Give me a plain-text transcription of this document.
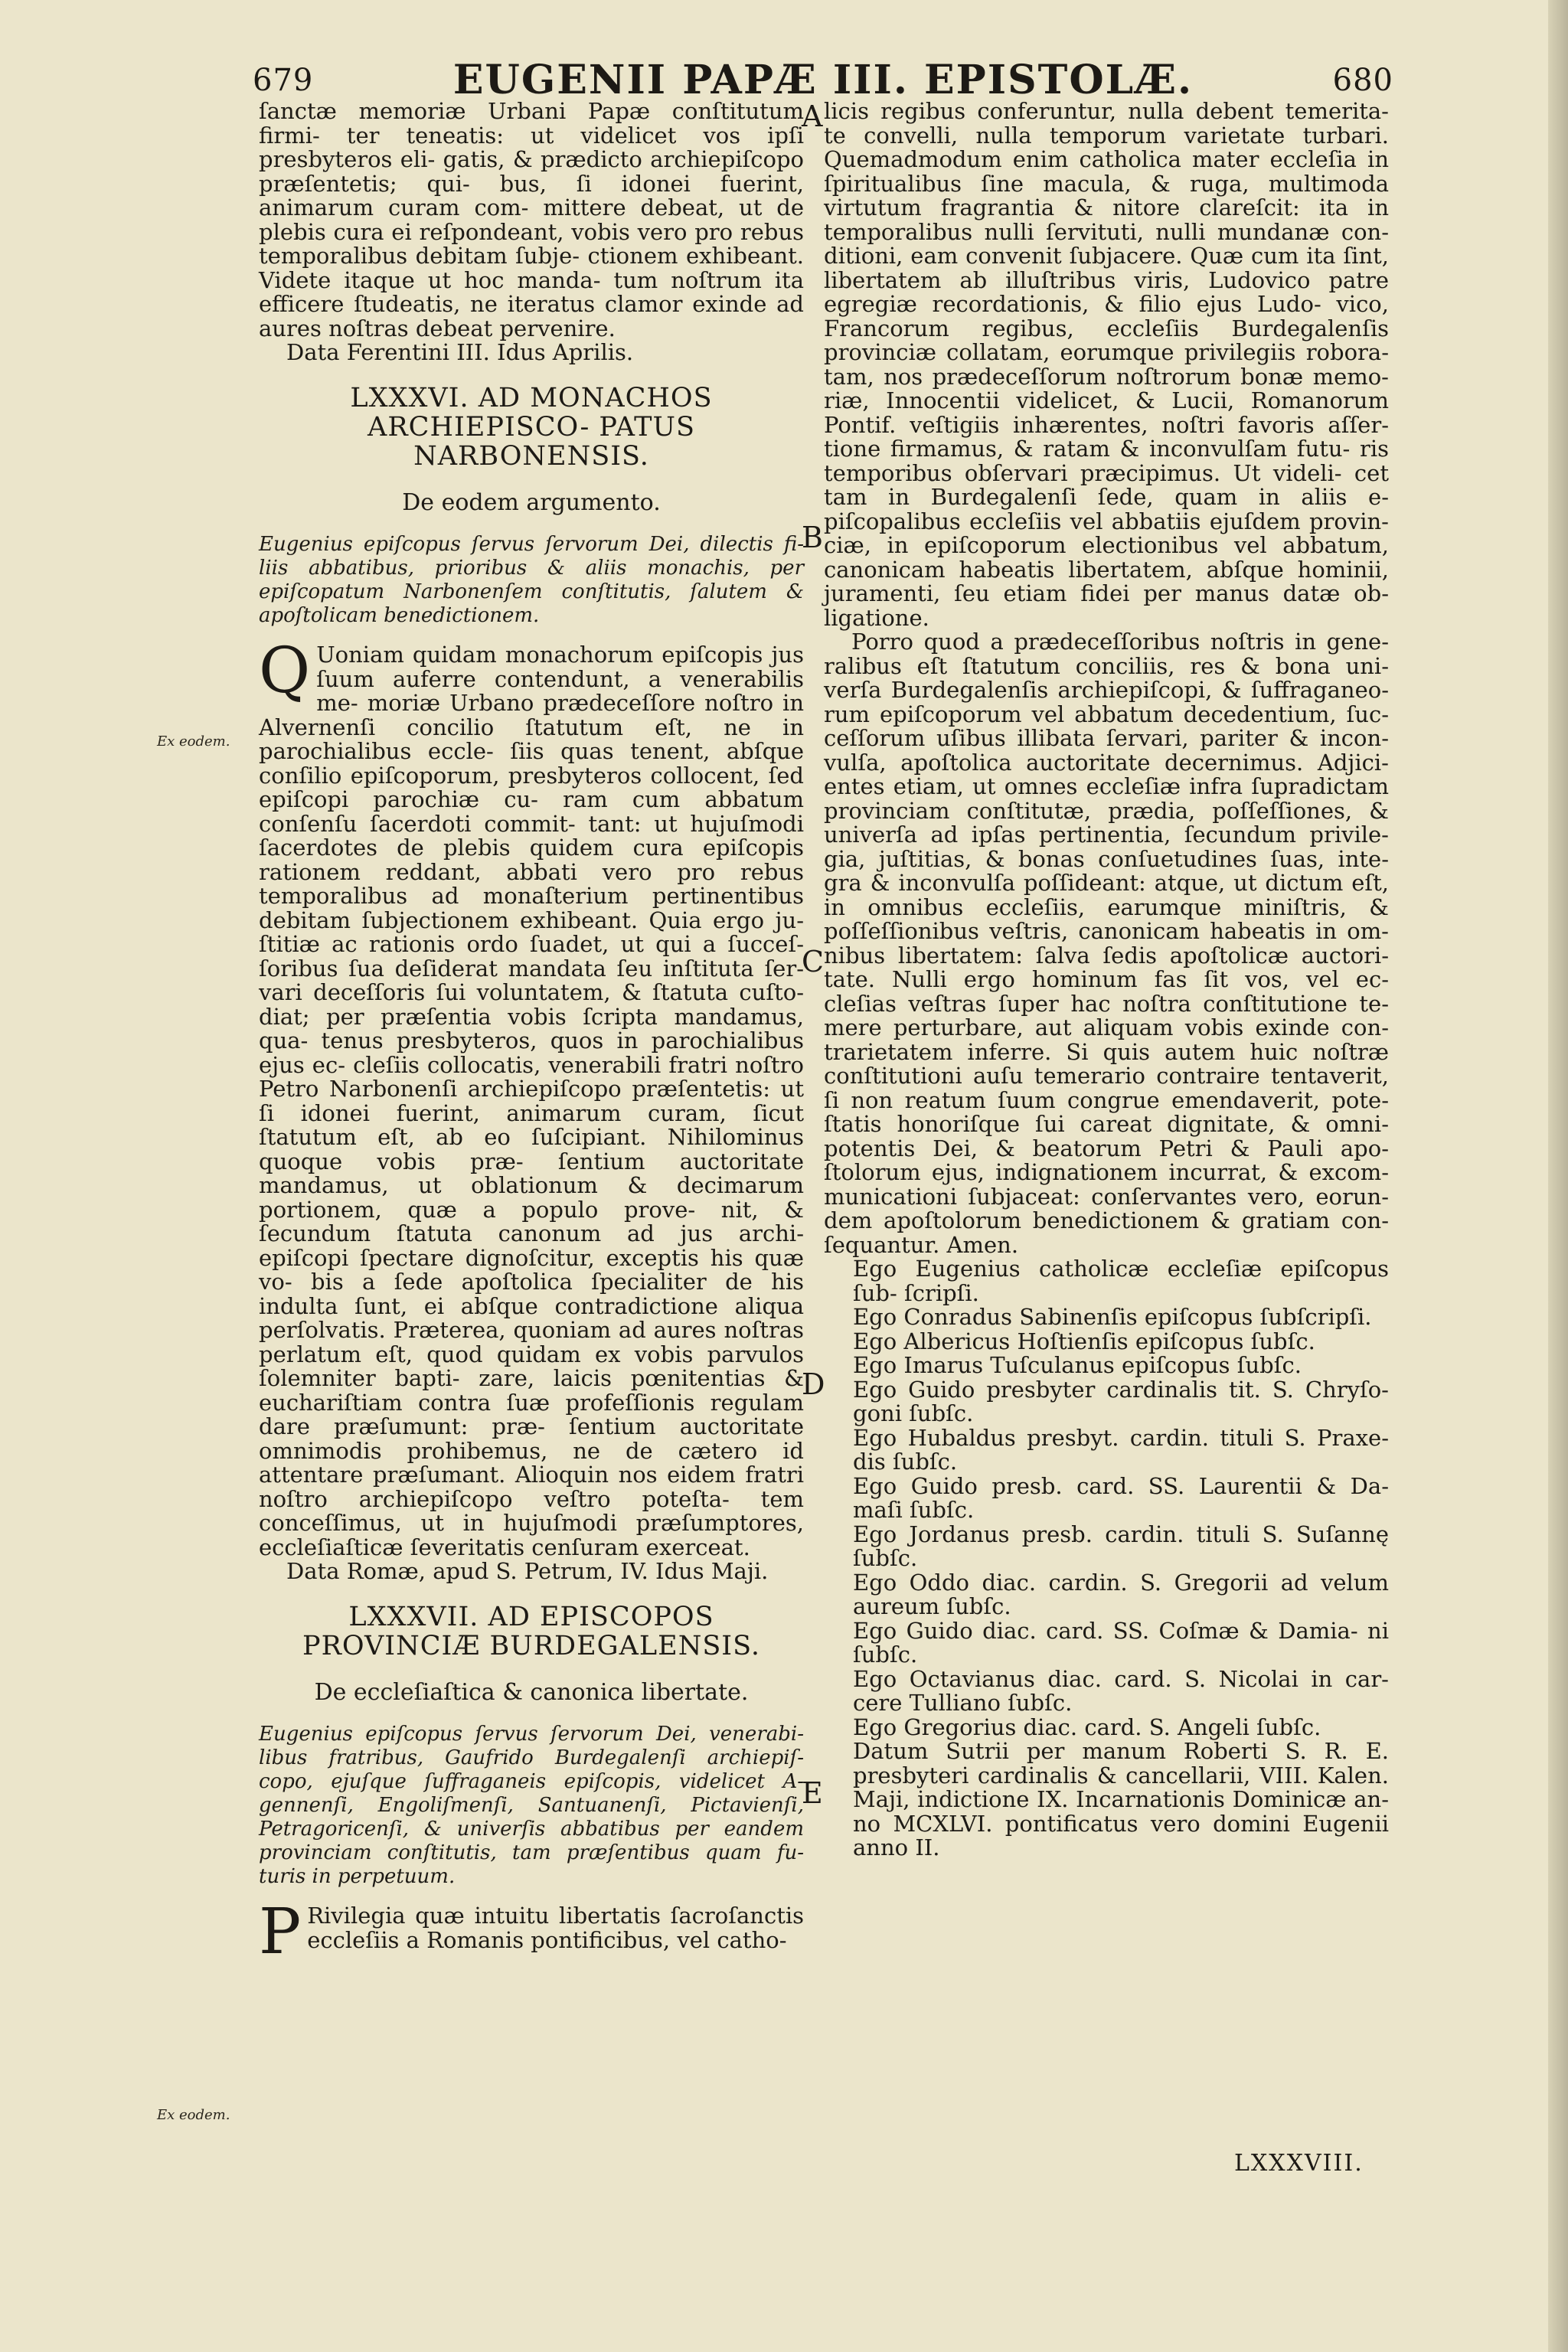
679	EUGENII PAPÆ III. EPISTOLÆ.	680
Ex eodem.
Ex eodem.
A
B
C
D
E

ſanctæ memoriæ Urbani Papæ conſtitutum firmi- ter teneatis: ut videlicet vos ipſi presbyteros eli- gatis, & prædicto archiepiſcopo præſentetis; qui- bus, ſi idonei fuerint, animarum curam com- mittere debeat, ut de plebis cura ei reſpondeant, vobis vero pro rebus temporalibus debitam ſubje- ctionem exhibeant. Videte itaque ut hoc manda- tum noſtrum ita efficere ſtudeatis, ne iteratus clamor exinde ad aures noſtras debeat pervenire.

Data Ferentini III. Idus Aprilis.

LXXXVI. AD MONACHOS ARCHIEPISCO- PATUS NARBONENSIS.
De eodem argumento.
Eugenius epiſcopus ſervus ſervorum Dei, dilectis fi- liis abbatibus, prioribus & aliis monachis, per epiſcopatum Narbonenſem conſtitutis, ſalutem & apoſtolicam benedictionem.

Q Uoniam quidam monachorum epiſcopis jus ſuum auferre contendunt, a venerabilis me- moriæ Urbano prædeceſſore noſtro in Alvernenſi concilio ſtatutum eſt, ne in parochialibus eccle- ſiis quas tenent, abſque conſilio epiſcoporum, presbyteros collocent, ſed epiſcopi parochiæ cu- ram cum abbatum conſenſu ſacerdoti commit- tant: ut hujuſmodi ſacerdotes de plebis quidem cura epiſcopis rationem reddant, abbati vero pro rebus temporalibus ad monaſterium pertinentibus debitam ſubjectionem exhibeant. Quia ergo ju- ſtitiæ ac rationis ordo ſuadet, ut qui a ſucceſ- ſoribus ſua deſiderat mandata ſeu inſtituta ſer- vari deceſſoris ſui voluntatem, & ſtatuta cuſto- diat; per præſentia vobis ſcripta mandamus, qua- tenus presbyteros, quos in parochialibus ejus ec- cleſiis collocatis, venerabili fratri noſtro Petro Narbonenſi archiepiſcopo præſentetis: ut ſi idonei fuerint, animarum curam, ſicut ſtatutum eſt, ab eo ſuſcipiant. Nihilominus quoque vobis præ- ſentium auctoritate mandamus, ut oblationum & decimarum portionem, quæ a populo prove- nit, & ſecundum ſtatuta canonum ad jus archi- epiſcopi ſpectare dignoſcitur, exceptis his quæ vo- bis a ſede apoſtolica ſpecialiter de his indulta ſunt, ei abſque contradictione aliqua perſolvatis. Præterea, quoniam ad aures noſtras perlatum eſt, quod quidam ex vobis parvulos ſolemniter bapti- zare, laicis pœnitentias & euchariſtiam contra ſuæ profeſſionis regulam dare præſumunt: præ- ſentium auctoritate omnimodis prohibemus, ne de cætero id attentare præſumant. Alioquin nos eidem fratri noſtro archiepiſcopo veſtro poteſta- tem conceſſimus, ut in hujuſmodi præſumptores, eccleſiaſticæ ſeveritatis cenſuram exerceat.

Data Romæ, apud S. Petrum, IV. Idus Maji.

LXXXVII. AD EPISCOPOS PROVINCIÆ BURDEGALENSIS.
De eccleſiaſtica & canonica libertate.
Eugenius epiſcopus ſervus ſervorum Dei, venerabi- libus fratribus, Gaufrido Burdegalenſi archiepiſ- copo, ejuſque ſuffraganeis epiſcopis, videlicet A- gennenſi, Engoliſmenſi, Santuanenſi, Pictavienſi, Petragoricenſi, & univerſis abbatibus per eandem provinciam conſtitutis, tam præſentibus quam fu- turis in perpetuum.

P Rivilegia quæ intuitu libertatis ſacroſanctis eccleſiis a Romanis pontificibus, vel catho-

licis regibus conferuntur, nulla debent temerita- te convelli, nulla temporum varietate turbari. Quemadmodum enim catholica mater eccleſia in ſpiritualibus ſine macula, & ruga, multimoda virtutum fragrantia & nitore clareſcit: ita in temporalibus nulli ſervituti, nulli mundanæ con- ditioni, eam convenit ſubjacere. Quæ cum ita ſint, libertatem ab illuſtribus viris, Ludovico patre egregiæ recordationis, & filio ejus Ludo- vico, Francorum regibus, eccleſiis Burdegalenſis provinciæ collatam, eorumque privilegiis robora- tam, nos prædeceſſorum noſtrorum bonæ memo- riæ, Innocentii videlicet, & Lucii, Romanorum Pontif. veſtigiis inhærentes, noſtri favoris aſſer- tione firmamus, & ratam & inconvulſam futu- ris temporibus obſervari præcipimus. Ut videli- cet tam in Burdegalenſi ſede, quam in aliis e- piſcopalibus eccleſiis vel abbatiis ejuſdem provin- ciæ, in epiſcoporum electionibus vel abbatum, canonicam habeatis libertatem, abſque hominii, juramenti, ſeu etiam fidei per manus datæ ob- ligatione.

Porro quod a prædeceſſoribus noſtris in gene- ralibus eſt ſtatutum conciliis, res & bona uni- verſa Burdegalenſis archiepiſcopi, & ſuffraganeo- rum epiſcoporum vel abbatum decedentium, ſuc- ceſſorum uſibus illibata ſervari, pariter & incon- vulſa, apoſtolica auctoritate decernimus. Adjici- entes etiam, ut omnes eccleſiæ infra ſupradictam provinciam conſtitutæ, prædia, poſſeſſiones, & univerſa ad ipſas pertinentia, ſecundum privile- gia, juſtitias, & bonas conſuetudines ſuas, inte- gra & inconvulſa poſſideant: atque, ut dictum eſt, in omnibus eccleſiis, earumque miniſtris, & poſſeſſionibus veſtris, canonicam habeatis in om- nibus libertatem: ſalva ſedis apoſtolicæ auctori- tate. Nulli ergo hominum fas ſit vos, vel ec- cleſias veſtras ſuper hac noſtra conſtitutione te- mere perturbare, aut aliquam vobis exinde con- trarietatem inferre. Si quis autem huic noſtræ conſtitutioni auſu temerario contraire tentaverit, ſi non reatum ſuum congrue emendaverit, pote- ſtatis honoriſque ſui careat dignitate, & omni- potentis Dei, & beatorum Petri & Pauli apo- ſtolorum ejus, indignationem incurrat, & excom- municationi ſubjaceat: conſervantes vero, eorun- dem apoſtolorum benedictionem & gratiam con- ſequantur. Amen.

Ego Eugenius catholicæ eccleſiæ epiſcopus ſub- ſcripſi.

Ego Conradus Sabinenſis epiſcopus ſubſcripſi.

Ego Albericus Hoſtienſis epiſcopus ſubſc.

Ego Imarus Tuſculanus epiſcopus ſubſc.

Ego Guido presbyter cardinalis tit. S. Chryſo- goni ſubſc.

Ego Hubaldus presbyt. cardin. tituli S. Praxe- dis ſubſc.

Ego Guido presb. card. SS. Laurentii & Da- maſi ſubſc.

Ego Jordanus presb. cardin. tituli S. Suſannę ſubſc.

Ego Oddo diac. cardin. S. Gregorii ad velum aureum ſubſc.

Ego Guido diac. card. SS. Coſmæ & Damia- ni ſubſc.

Ego Octavianus diac. card. S. Nicolai in car- cere Tulliano ſubſc.

Ego Gregorius diac. card. S. Angeli ſubſc.

Datum Sutrii per manum Roberti S. R. E. presbyteri cardinalis & cancellarii, VIII. Kalen. Maji, indictione IX. Incarnationis Dominicæ an- no MCXLVI. pontificatus vero domini Eugenii anno II.

LXXXVIII.
